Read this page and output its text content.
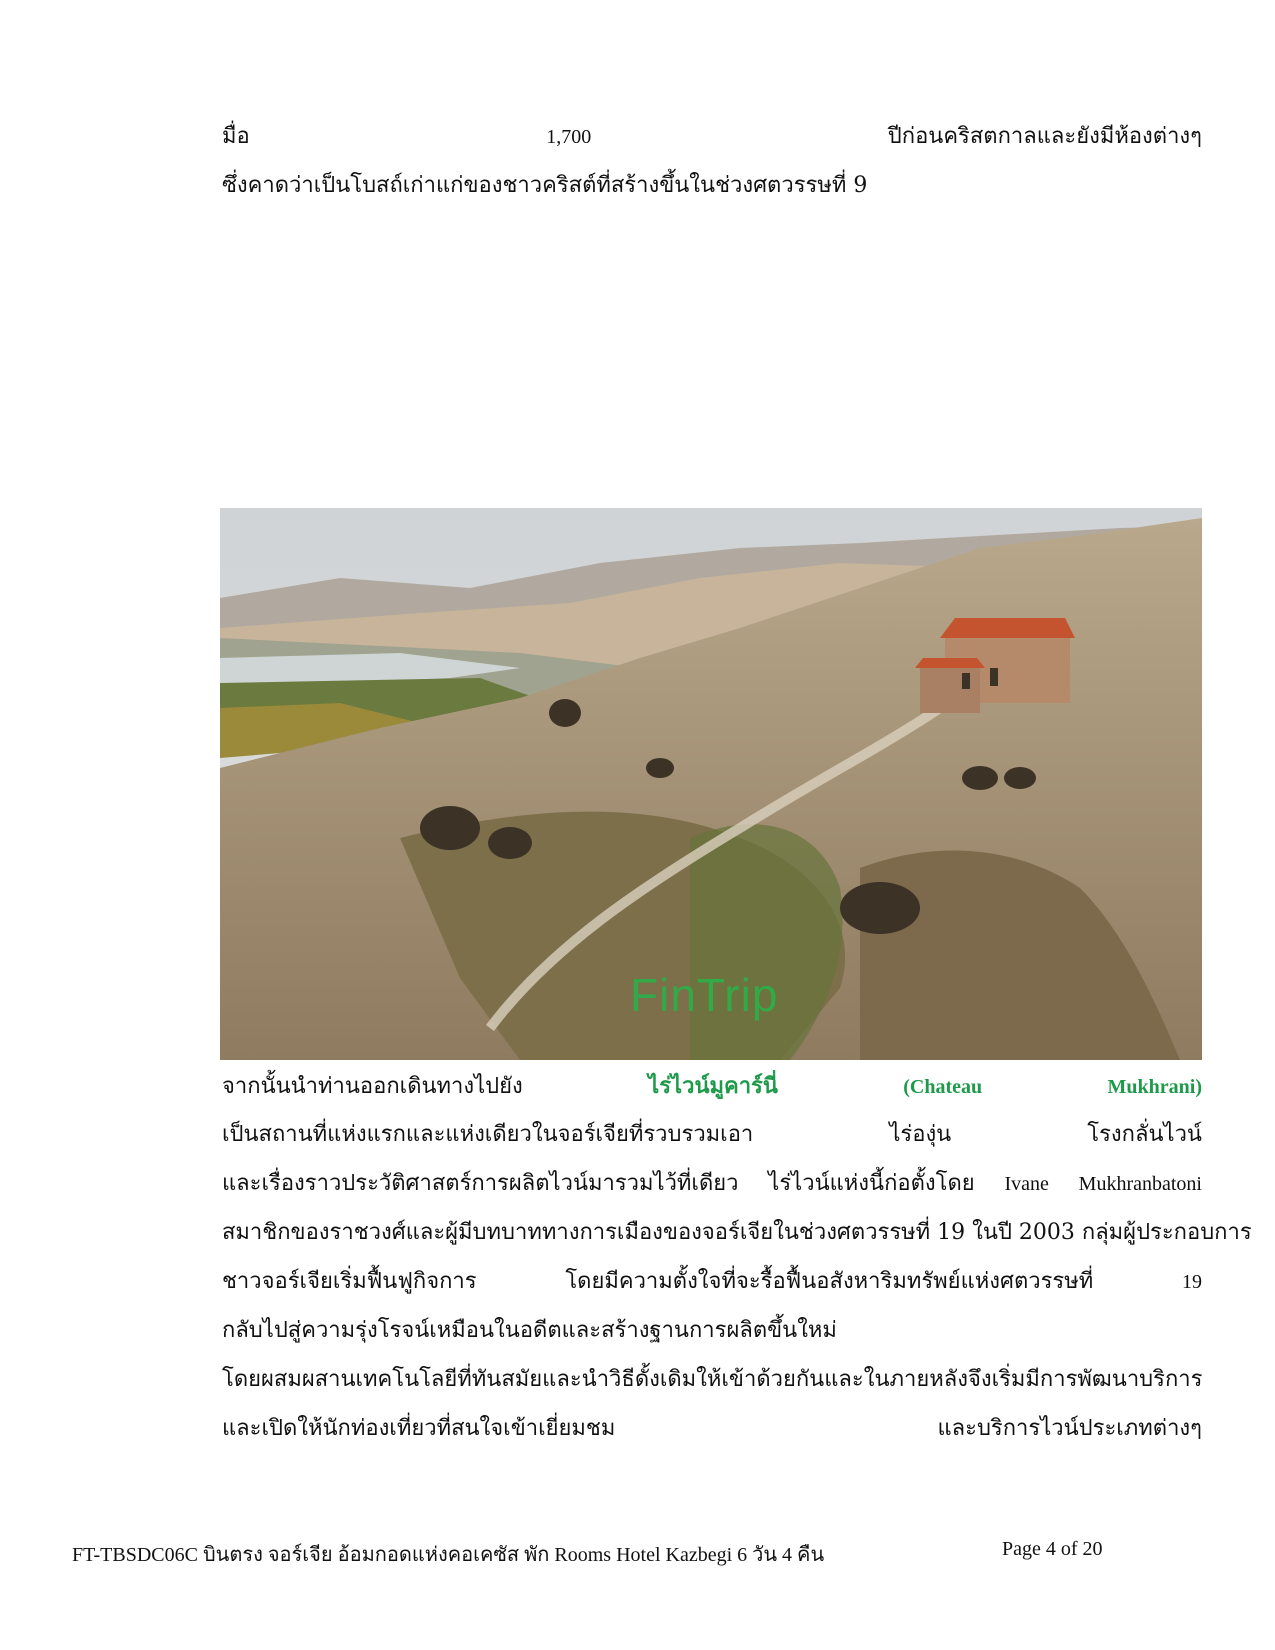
มื่อ	1,700	ปีก่อนคริสตกาลและยังมีห้องต่างๆ
ซึ่งคาดว่าเป็นโบสถ์เก่าแก่ของชาวคริสต์ที่สร้างขึ้นในช่วงศตวรรษที่ 9
FinTrip
จากนั้นนำท่านออกเดินทางไปยัง	ไร่ไวน์มูคาร์นี่	(Chateau	Mukhrani)
เป็นสถานที่แห่งแรกและแห่งเดียวในจอร์เจียที่รวบรวมเอา	ไร่องุ่น	โรงกลั่นไวน์
และเรื่องราวประวัติศาสตร์การผลิตไวน์มารวมไว้ที่เดียว ไร่ไวน์แห่งนี้ก่อตั้งโดย Ivane Mukhranbatoni
สมาชิกของราชวงศ์และผู้มีบทบาททางการเมืองของจอร์เจียในช่วงศตวรรษที่ 19 ในปี 2003 กลุ่มผู้ประกอบการ
ชาวจอร์เจียเริ่มฟื้นฟูกิจการ	โดยมีความตั้งใจที่จะรื้อฟื้นอสังหาริมทรัพย์แห่งศตวรรษที่	19
กลับไปสู่ความรุ่งโรจน์เหมือนในอดีตและสร้างฐานการผลิตขึ้นใหม่
โดยผสมผสานเทคโนโลยีที่ทันสมัยและนำวิธีดั้งเดิมให้เข้าด้วยกัน และในภายหลังจึงเริ่มมีการพัฒนาบริการ
และเปิดให้นักท่องเที่ยวที่สนใจเข้าเยี่ยมชม	และบริการไวน์ประเภทต่างๆ
FT-TBSDC06C บินตรง จอร์เจีย อ้อมกอดแห่งคอเคซัส พัก Rooms Hotel Kazbegi 6 วัน 4 คืน	Page 4 of 20
